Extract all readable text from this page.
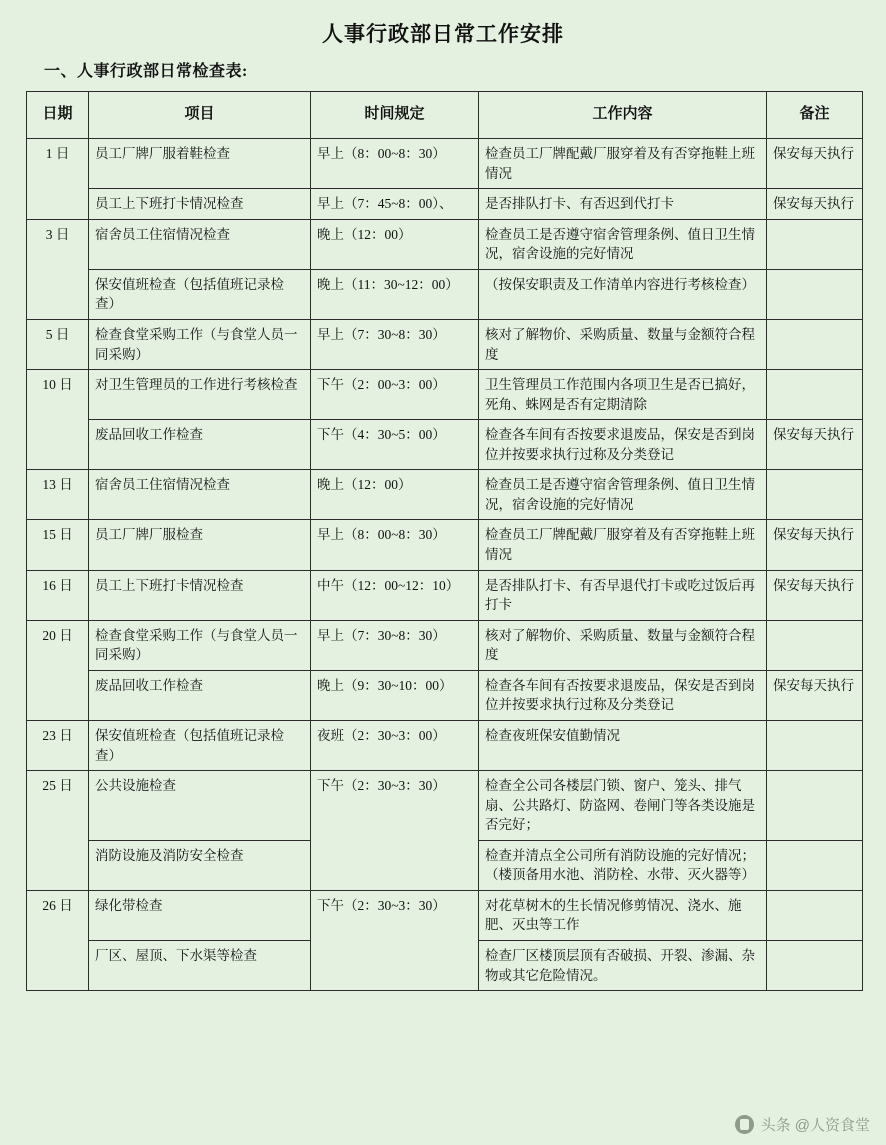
人事行政部日常工作安排
一、人事行政部日常检查表:
日期	项目	时间规定	工作内容	备注
1 日	员工厂牌厂服着鞋检查	早上（8：00~8：30）	检查员工厂牌配戴厂服穿着及有否穿拖鞋上班情况	保安每天执行
	员工上下班打卡情况检查	早上（7：45~8：00）、	是否排队打卡、有否迟到代打卡	保安每天执行
3 日	宿舍员工住宿情况检查	晚上（12：00）	检查员工是否遵守宿舍管理条例、值日卫生情况，宿舍设施的完好情况	
	保安值班检查（包括值班记录检查）	晚上（11：30~12：00）	（按保安职责及工作清单内容进行考核检查）	
5 日	检查食堂采购工作（与食堂人员一同采购）	早上（7：30~8：30）	核对了解物价、采购质量、数量与金额符合程度	
10 日	对卫生管理员的工作进行考核检查	下午（2：00~3：00）	卫生管理员工作范围内各项卫生是否已搞好，死角、蛛网是否有定期清除	
	废品回收工作检查	下午（4：30~5：00）	检查各车间有否按要求退废品，保安是否到岗位并按要求执行过称及分类登记	保安每天执行
13 日	宿舍员工住宿情况检查	晚上（12：00）	检查员工是否遵守宿舍管理条例、值日卫生情况，宿舍设施的完好情况	
15 日	员工厂牌厂服检查	早上（8：00~8：30）	检查员工厂牌配戴厂服穿着及有否穿拖鞋上班情况	保安每天执行
16 日	员工上下班打卡情况检查	中午（12：00~12：10）	是否排队打卡、有否早退代打卡或吃过饭后再打卡	保安每天执行
20 日	检查食堂采购工作（与食堂人员一同采购）	早上（7：30~8：30）	核对了解物价、采购质量、数量与金额符合程度	
	废品回收工作检查	晚上（9：30~10：00）	检查各车间有否按要求退废品，保安是否到岗位并按要求执行过称及分类登记	保安每天执行
23 日	保安值班检查（包括值班记录检查）	夜班（2：30~3：00）	检查夜班保安值勤情况	
25 日	公共设施检查	下午（2：30~3：30）	检查全公司各楼层门锁、窗户、笼头、排气扇、公共路灯、防盗网、卷闸门等各类设施是否完好；	
	消防设施及消防安全检查		检查并清点全公司所有消防设施的完好情况；（楼顶备用水池、消防栓、水带、灭火器等）	
26 日	绿化带检查	下午（2：30~3：30）	对花草树木的生长情况修剪情况、浇水、施肥、灭虫等工作	
	厂区、屋顶、下水渠等检查		检查厂区楼顶层顶有否破损、开裂、渗漏、杂物或其它危险情况。	
头条 @人资食堂
